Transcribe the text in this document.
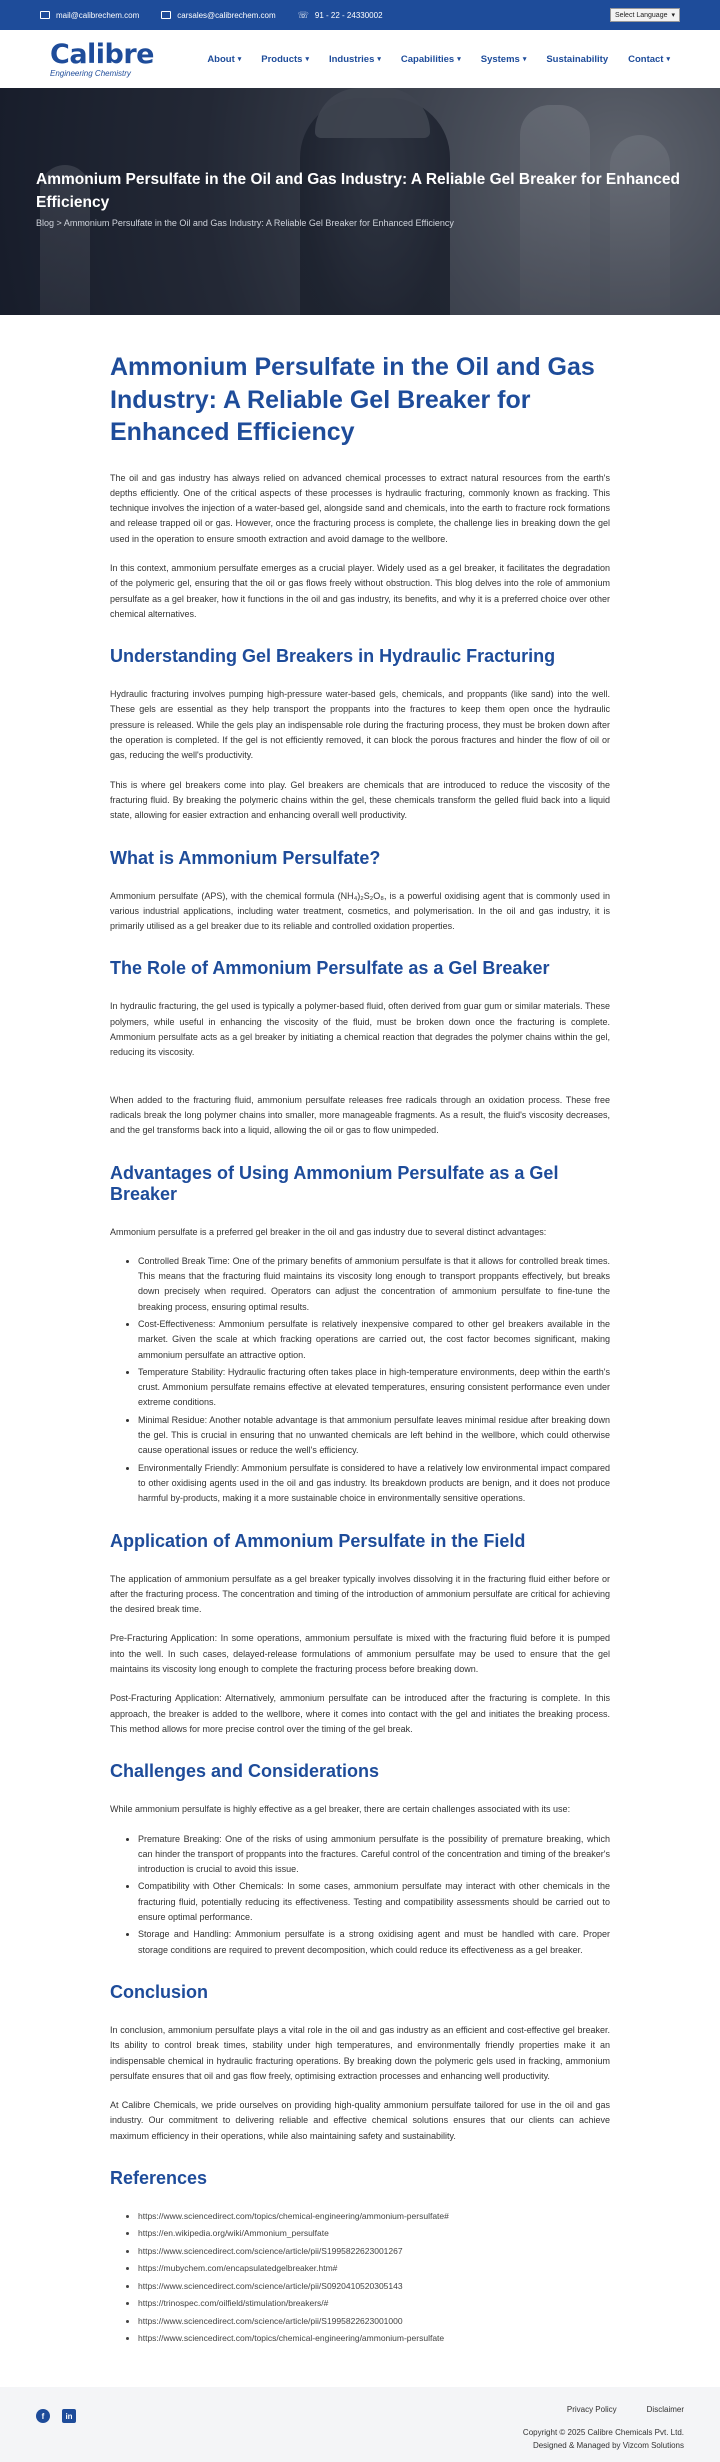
mail@calibrechem.com	carsales@calibrechem.com ☏ 91 - 22 - 24330002	Select Language ▾
Calibre
Engineering Chemistry
About ▾ Products ▾ Industries ▾ Capabilities ▾ Systems ▾ Sustainability Contact ▾
Ammonium Persulfate in the Oil and Gas Industry: A Reliable Gel Breaker for Enhanced Efficiency
Blog > Ammonium Persulfate in the Oil and Gas Industry: A Reliable Gel Breaker for Enhanced Efficiency
Ammonium Persulfate in the Oil and Gas Industry: A Reliable Gel Breaker for Enhanced Efficiency

The oil and gas industry has always relied on advanced chemical processes to extract natural resources from the earth's depths efficiently. One of the critical aspects of these processes is hydraulic fracturing, commonly known as fracking. This technique involves the injection of a water-based gel, alongside sand and chemicals, into the earth to fracture rock formations and release trapped oil or gas. However, once the fracturing process is complete, the challenge lies in breaking down the gel used in the operation to ensure smooth extraction and avoid damage to the wellbore.

In this context, ammonium persulfate emerges as a crucial player. Widely used as a gel breaker, it facilitates the degradation of the polymeric gel, ensuring that the oil or gas flows freely without obstruction. This blog delves into the role of ammonium persulfate as a gel breaker, how it functions in the oil and gas industry, its benefits, and why it is a preferred choice over other chemical alternatives.

Understanding Gel Breakers in Hydraulic Fracturing

Hydraulic fracturing involves pumping high-pressure water-based gels, chemicals, and proppants (like sand) into the well. These gels are essential as they help transport the proppants into the fractures to keep them open once the hydraulic pressure is released. While the gels play an indispensable role during the fracturing process, they must be broken down after the operation is completed. If the gel is not efficiently removed, it can block the porous fractures and hinder the flow of oil or gas, reducing the well's productivity.

This is where gel breakers come into play. Gel breakers are chemicals that are introduced to reduce the viscosity of the fracturing fluid. By breaking the polymeric chains within the gel, these chemicals transform the gelled fluid back into a liquid state, allowing for easier extraction and enhancing overall well productivity.

What is Ammonium Persulfate?

Ammonium persulfate (APS), with the chemical formula (NH₄)₂S₂O₈, is a powerful oxidising agent that is commonly used in various industrial applications, including water treatment, cosmetics, and polymerisation. In the oil and gas industry, it is primarily utilised as a gel breaker due to its reliable and controlled oxidation properties.

The Role of Ammonium Persulfate as a Gel Breaker

In hydraulic fracturing, the gel used is typically a polymer-based fluid, often derived from guar gum or similar materials. These polymers, while useful in enhancing the viscosity of the fluid, must be broken down once the fracturing is complete. Ammonium persulfate acts as a gel breaker by initiating a chemical reaction that degrades the polymer chains within the gel, reducing its viscosity.

When added to the fracturing fluid, ammonium persulfate releases free radicals through an oxidation process. These free radicals break the long polymer chains into smaller, more manageable fragments. As a result, the fluid's viscosity decreases, and the gel transforms back into a liquid, allowing the oil or gas to flow unimpeded.

Advantages of Using Ammonium Persulfate as a Gel Breaker

Ammonium persulfate is a preferred gel breaker in the oil and gas industry due to several distinct advantages:

• Controlled Break Time: One of the primary benefits of ammonium persulfate is that it allows for controlled break times. This means that the fracturing fluid maintains its viscosity long enough to transport proppants effectively, but breaks down precisely when required. Operators can adjust the concentration of ammonium persulfate to fine-tune the breaking process, ensuring optimal results.
• Cost-Effectiveness: Ammonium persulfate is relatively inexpensive compared to other gel breakers available in the market. Given the scale at which fracking operations are carried out, the cost factor becomes significant, making ammonium persulfate an attractive option.
• Temperature Stability: Hydraulic fracturing often takes place in high-temperature environments, deep within the earth's crust. Ammonium persulfate remains effective at elevated temperatures, ensuring consistent performance even under extreme conditions.
• Minimal Residue: Another notable advantage is that ammonium persulfate leaves minimal residue after breaking down the gel. This is crucial in ensuring that no unwanted chemicals are left behind in the wellbore, which could otherwise cause operational issues or reduce the well's efficiency.
• Environmentally Friendly: Ammonium persulfate is considered to have a relatively low environmental impact compared to other oxidising agents used in the oil and gas industry. Its breakdown products are benign, and it does not produce harmful by-products, making it a more sustainable choice in environmentally sensitive operations.
Application of Ammonium Persulfate in the Field

The application of ammonium persulfate as a gel breaker typically involves dissolving it in the fracturing fluid either before or after the fracturing process. The concentration and timing of the introduction of ammonium persulfate are critical for achieving the desired break time.

Pre-Fracturing Application: In some operations, ammonium persulfate is mixed with the fracturing fluid before it is pumped into the well. In such cases, delayed-release formulations of ammonium persulfate may be used to ensure that the gel maintains its viscosity long enough to complete the fracturing process before breaking down.

Post-Fracturing Application: Alternatively, ammonium persulfate can be introduced after the fracturing is complete. In this approach, the breaker is added to the wellbore, where it comes into contact with the gel and initiates the breaking process. This method allows for more precise control over the timing of the gel break.

Challenges and Considerations

While ammonium persulfate is highly effective as a gel breaker, there are certain challenges associated with its use:

• Premature Breaking: One of the risks of using ammonium persulfate is the possibility of premature breaking, which can hinder the transport of proppants into the fractures. Careful control of the concentration and timing of the breaker's introduction is crucial to avoid this issue.
• Compatibility with Other Chemicals: In some cases, ammonium persulfate may interact with other chemicals in the fracturing fluid, potentially reducing its effectiveness. Testing and compatibility assessments should be carried out to ensure optimal performance.
• Storage and Handling: Ammonium persulfate is a strong oxidising agent and must be handled with care. Proper storage conditions are required to prevent decomposition, which could reduce its effectiveness as a gel breaker.
Conclusion

In conclusion, ammonium persulfate plays a vital role in the oil and gas industry as an efficient and cost-effective gel breaker. Its ability to control break times, stability under high temperatures, and environmentally friendly properties make it an indispensable chemical in hydraulic fracturing operations. By breaking down the polymeric gels used in fracking, ammonium persulfate ensures that oil and gas flow freely, optimising extraction processes and enhancing well productivity.

At Calibre Chemicals, we pride ourselves on providing high-quality ammonium persulfate tailored for use in the oil and gas industry. Our commitment to delivering reliable and effective chemical solutions ensures that our clients can achieve maximum efficiency in their operations, while also maintaining safety and sustainability.

References
• https://www.sciencedirect.com/topics/chemical-engineering/ammonium-persulfate#
• https://en.wikipedia.org/wiki/Ammonium_persulfate
• https://www.sciencedirect.com/science/article/pii/S1995822623001267
• https://mubychem.com/encapsulatedgelbreaker.htm#
• https://www.sciencedirect.com/science/article/pii/S0920410520305143
• https://trinospec.com/oilfield/stimulation/breakers/#
• https://www.sciencedirect.com/science/article/pii/S1995822623001000
• https://www.sciencedirect.com/topics/chemical-engineering/ammonium-persulfate
f	in
Privacy Policy	Disclaimer
Copyright © 2025 Calibre Chemicals Pvt. Ltd.
Designed & Managed by Vizcom Solutions
